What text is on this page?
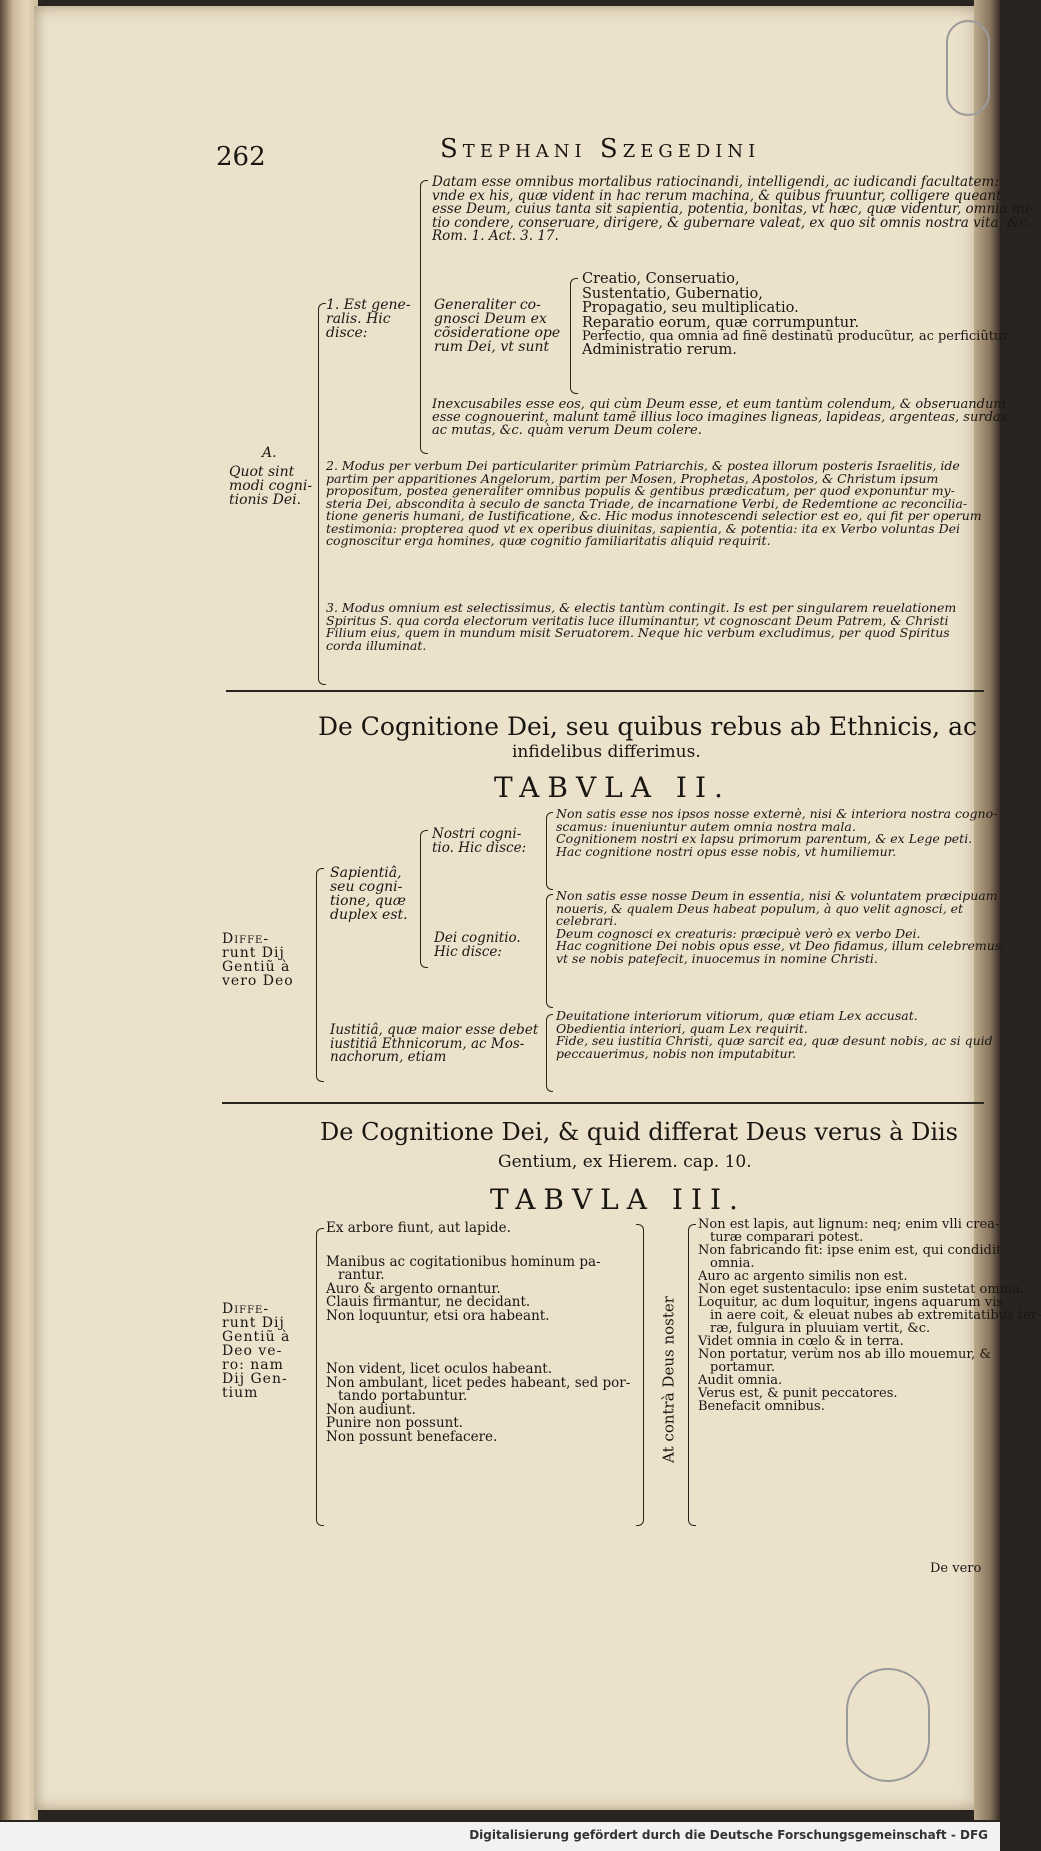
262	Stephani Szegedini
A.
Quot sint
modi cogni-
tionis Dei.
Datam esse omnibus mortalibus ratiocinandi, intelligendi, ac iudicandi facultatem:
vnde ex his, quæ vident in hac rerum machina, & quibus fruuntur, colligere queant,
esse Deum, cuius tanta sit sapientia, potentia, bonitas, vt hæc, quæ videntur, omnia ini-
tio condere, conseruare, dirigere, & gubernare valeat, ex quo sit omnis nostra vita, &c.
Rom. 1. Act. 3. 17.
1. Est gene-
ralis. Hic
disce:
Generaliter co-
gnosci Deum ex
cõsideratione ope
rum Dei, vt sunt
Creatio, Conseruatio,
Sustentatio, Gubernatio,
Propagatio, seu multiplicatio.
Reparatio eorum, quæ corrumpuntur.
Perfectio, qua omnia ad finẽ destinatũ producũtur, ac perficiũtur.
Administratio rerum.
Inexcusabiles esse eos, qui cùm Deum esse, et eum tantùm colendum, & obseruandum
esse cognouerint, malunt tamẽ illius loco imagines ligneas, lapideas, argenteas, surdas
ac mutas, &c. quàm verum Deum colere.
2. Modus per verbum Dei particulariter primùm Patriarchis, & postea illorum posteris Israelitis, ide
partim per apparitiones Angelorum, partim per Mosen, Prophetas, Apostolos, & Christum ipsum
propositum, postea generaliter omnibus populis & gentibus prædicatum, per quod exponuntur my-
steria Dei, abscondita à seculo de sancta Triade, de incarnatione Verbi, de Redemtione ac reconcilia-
tione generis humani, de Iustificatione, &c. Hic modus innotescendi selectior est eo, qui fit per operum
testimonia: propterea quod vt ex operibus diuinitas, sapientia, & potentia: ita ex Verbo voluntas Dei
cognoscitur erga homines, quæ cognitio familiaritatis aliquid requirit.
3. Modus omnium est selectissimus, & electis tantùm contingit. Is est per singularem reuelationem
Spiritus S. qua corda electorum veritatis luce illuminantur, vt cognoscant Deum Patrem, & Christi
Filium eius, quem in mundum misit Seruatorem. Neque hic verbum excludimus, per quod Spiritus
corda illuminat.
De Cognitione Dei, seu quibus rebus ab Ethnicis, ac
infidelibus differimus.
TABVLA II.
Diffe-
runt Dij
Gentiũ à
vero Deo
Sapientiâ,
seu cogni-
tione, quæ
duplex est.
Nostri cogni-
tio. Hic disce:
Non satis esse nos ipsos nosse externè, nisi & interiora nostra cogno-
scamus: inueniuntur autem omnia nostra mala.
Cognitionem nostri ex lapsu primorum parentum, & ex Lege peti.
Hac cognitione nostri opus esse nobis, vt humiliemur.
Dei cognitio.
Hic disce:
Non satis esse nosse Deum in essentia, nisi & voluntatem præcipuam
noueris, & qualem Deus habeat populum, à quo velit agnosci, et
celebrari.
Deum cognosci ex creaturis: præcipuè verò ex verbo Dei.
Hac cognitione Dei nobis opus esse, vt Deo fidamus, illum celebremus,
vt se nobis patefecit, inuocemus in nomine Christi.
Iustitiâ, quæ maior esse debet
iustitiâ Ethnicorum, ac Mos-
nachorum, etiam
Deuitatione interiorum vitiorum, quæ etiam Lex accusat.
Obedientia interiori, quam Lex requirit.
Fide, seu iustitia Christi, quæ sarcit ea, quæ desunt nobis, ac si quid
peccauerimus, nobis non imputabitur.
De Cognitione Dei, & quid differat Deus verus à Diis
Gentium, ex Hierem. cap. 10.
TABVLA III.
Diffe-
runt Dij
Gentiũ à
Deo ve-
ro: nam
Dij Gen-
tium
Ex arbore fiunt, aut lapide.
Manibus ac cogitationibus hominum pa-
rantur.
Auro & argento ornantur.
Clauis firmantur, ne decidant.
Non loquuntur, etsi ora habeant.
Non vident, licet oculos habeant.
Non ambulant, licet pedes habeant, sed por-
tando portabuntur.
Non audiunt.
Punire non possunt.
Non possunt benefacere.	At contrà Deus noster
Non est lapis, aut lignum: neq; enim vlli crea-
turæ comparari potest.
Non fabricando fit: ipse enim est, qui condidit
omnia.
Auro ac argento similis non est.
Non eget sustentaculo: ipse enim sustetat omnia.
Loquitur, ac dum loquitur, ingens aquarum vis
in aere coit, & eleuat nubes ab extremitatibus ter-
ræ, fulgura in pluuiam vertit, &c.
Videt omnia in cœlo & in terra.
Non portatur, verùm nos ab illo mouemur, &
portamur.
Audit omnia.
Verus est, & punit peccatores.
Benefacit omnibus.
De vero
Digitalisierung gefördert durch die Deutsche Forschungsgemeinschaft - DFG
